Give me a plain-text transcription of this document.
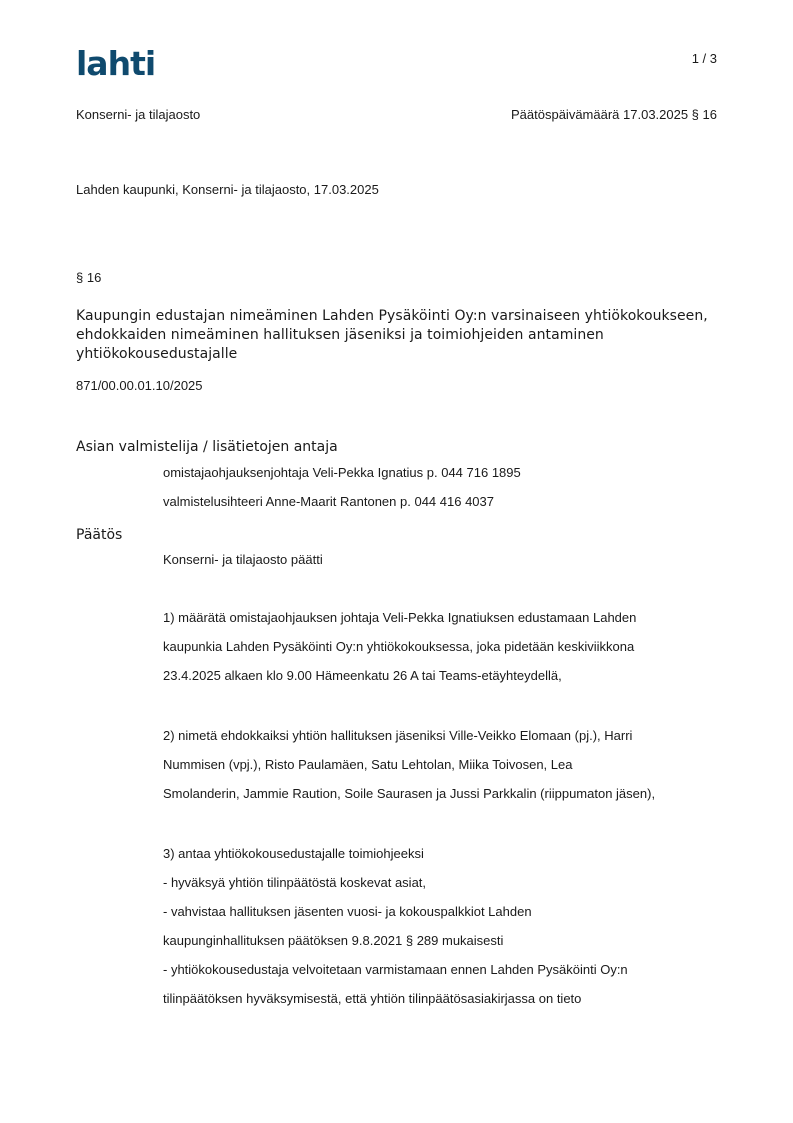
lahti	1 / 3
Konserni- ja tilajaosto	Päätöspäivämäärä 17.03.2025 § 16
Lahden kaupunki, Konserni- ja tilajaosto, 17.03.2025
§ 16
Kaupungin edustajan nimeäminen Lahden Pysäköinti Oy:n varsinaiseen yhtiökokoukseen,
ehdokkaiden nimeäminen hallituksen jäseniksi ja toimiohjeiden antaminen
yhtiökokousedustajalle
871/00.00.01.10/2025
Asian valmistelija / lisätietojen antaja
omistajaohjauksenjohtaja Veli-Pekka Ignatius p. 044 716 1895
valmistelusihteeri Anne-Maarit Rantonen p. 044 416 4037
Päätös
Konserni- ja tilajaosto päätti
1) määrätä omistajaohjauksen johtaja Veli-Pekka Ignatiuksen edustamaan Lahden
kaupunkia Lahden Pysäköinti Oy:n yhtiökokouksessa, joka pidetään keskiviikkona
23.4.2025 alkaen klo 9.00 Hämeenkatu 26 A tai Teams-etäyhteydellä,
2) nimetä ehdokkaiksi yhtiön hallituksen jäseniksi Ville-Veikko Elomaan (pj.), Harri
Nummisen (vpj.), Risto Paulamäen, Satu Lehtolan, Miika Toivosen, Lea
Smolanderin, Jammie Raution, Soile Saurasen ja Jussi Parkkalin (riippumaton jäsen),
3) antaa yhtiökokousedustajalle toimiohjeeksi
- hyväksyä yhtiön tilinpäätöstä koskevat asiat,
- vahvistaa hallituksen jäsenten vuosi- ja kokouspalkkiot Lahden
kaupunginhallituksen päätöksen 9.8.2021 § 289 mukaisesti
- yhtiökokousedustaja velvoitetaan varmistamaan ennen Lahden Pysäköinti Oy:n
tilinpäätöksen hyväksymisestä, että yhtiön tilinpäätösasiakirjassa on tieto
